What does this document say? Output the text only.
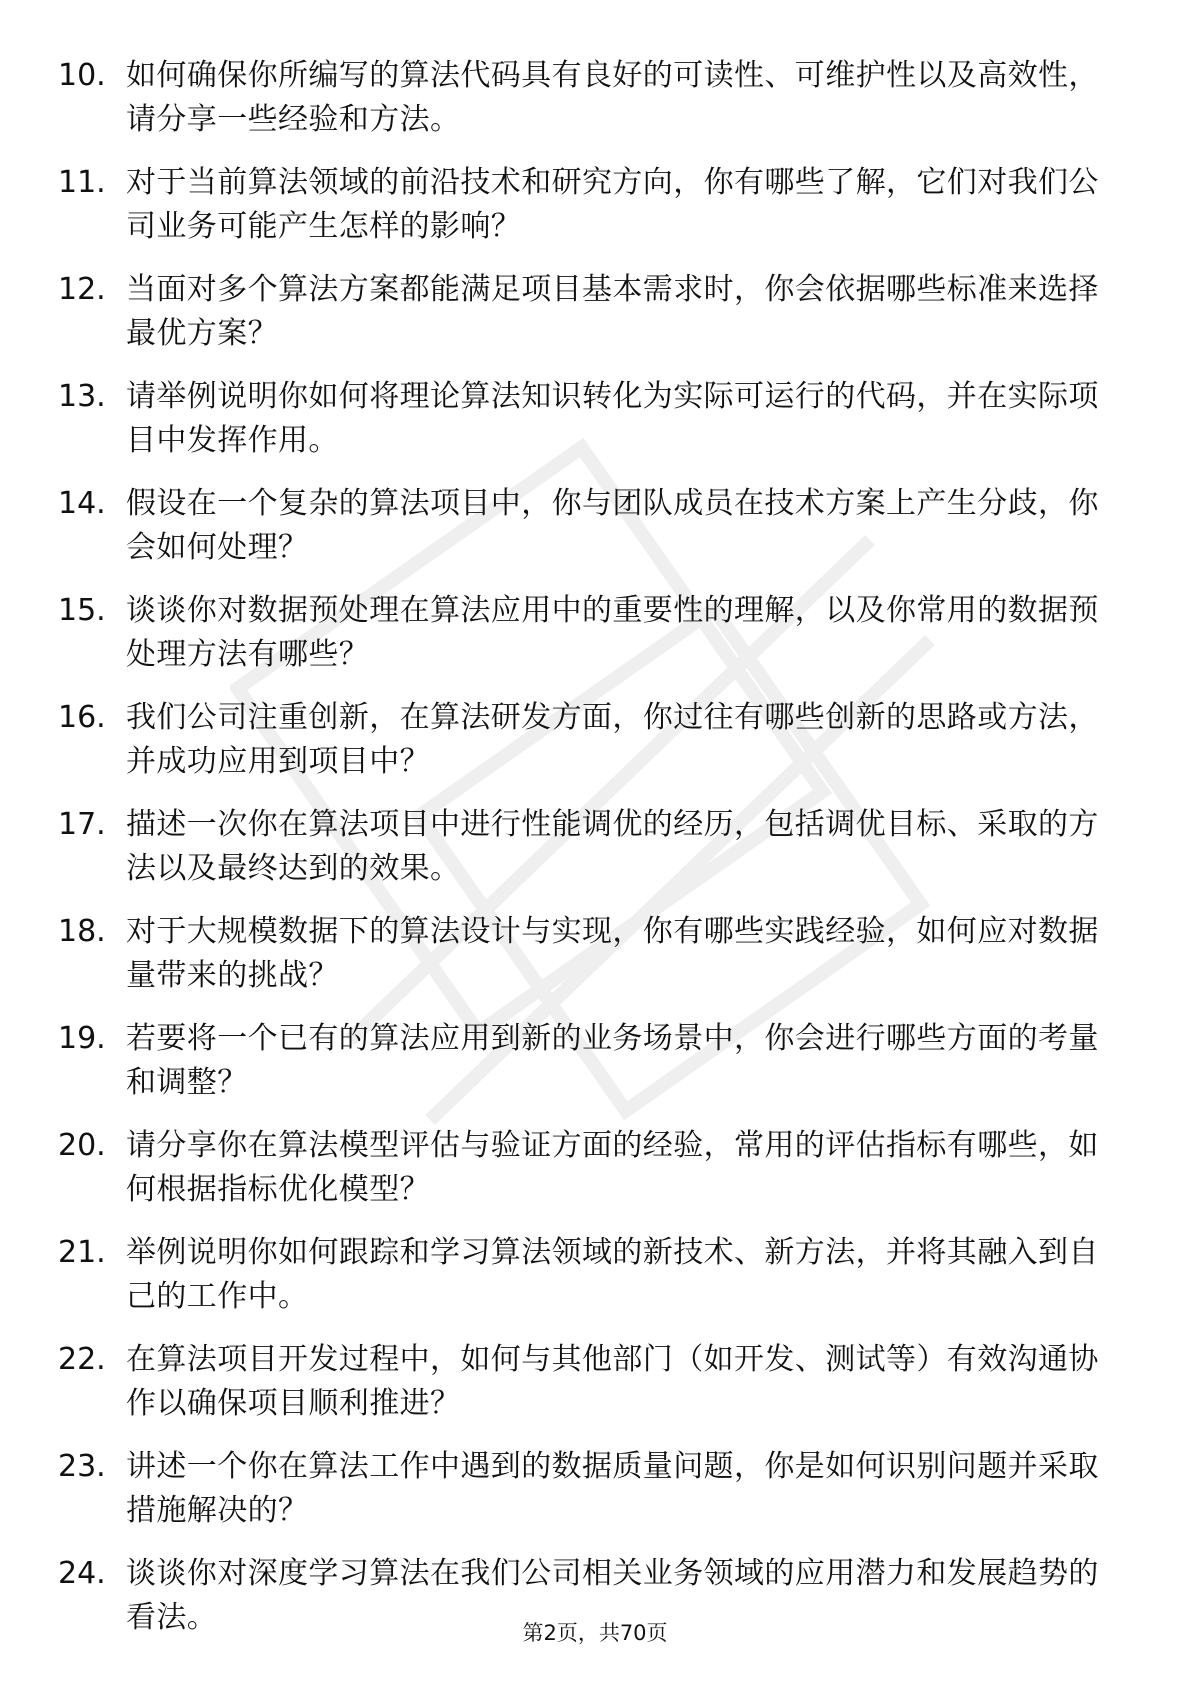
10. 如何确保你所编写的算法代码具有良好的可读性、可维护性以及高效性，请分享一些经验和方法。
11. 对于当前算法领域的前沿技术和研究方向，你有哪些了解，它们对我们公司业务可能产生怎样的影响？
12. 当面对多个算法方案都能满足项目基本需求时，你会依据哪些标准来选择最优方案？
13. 请举例说明你如何将理论算法知识转化为实际可运行的代码，并在实际项目中发挥作用。
14. 假设在一个复杂的算法项目中，你与团队成员在技术方案上产生分歧，你会如何处理？
15. 谈谈你对数据预处理在算法应用中的重要性的理解，以及你常用的数据预处理方法有哪些？
16. 我们公司注重创新，在算法研发方面，你过往有哪些创新的思路或方法，并成功应用到项目中？
17. 描述一次你在算法项目中进行性能调优的经历，包括调优目标、采取的方法以及最终达到的效果。
18. 对于大规模数据下的算法设计与实现，你有哪些实践经验，如何应对数据量带来的挑战？
19. 若要将一个已有的算法应用到新的业务场景中，你会进行哪些方面的考量和调整？
20. 请分享你在算法模型评估与验证方面的经验，常用的评估指标有哪些，如何根据指标优化模型？
21. 举例说明你如何跟踪和学习算法领域的新技术、新方法，并将其融入到自己的工作中。
22. 在算法项目开发过程中，如何与其他部门（如开发、测试等）有效沟通协作以确保项目顺利推进？
23. 讲述一个你在算法工作中遇到的数据质量问题，你是如何识别问题并采取措施解决的？
24. 谈谈你对深度学习算法在我们公司相关业务领域的应用潜力和发展趋势的看法。	第2页，共70页
